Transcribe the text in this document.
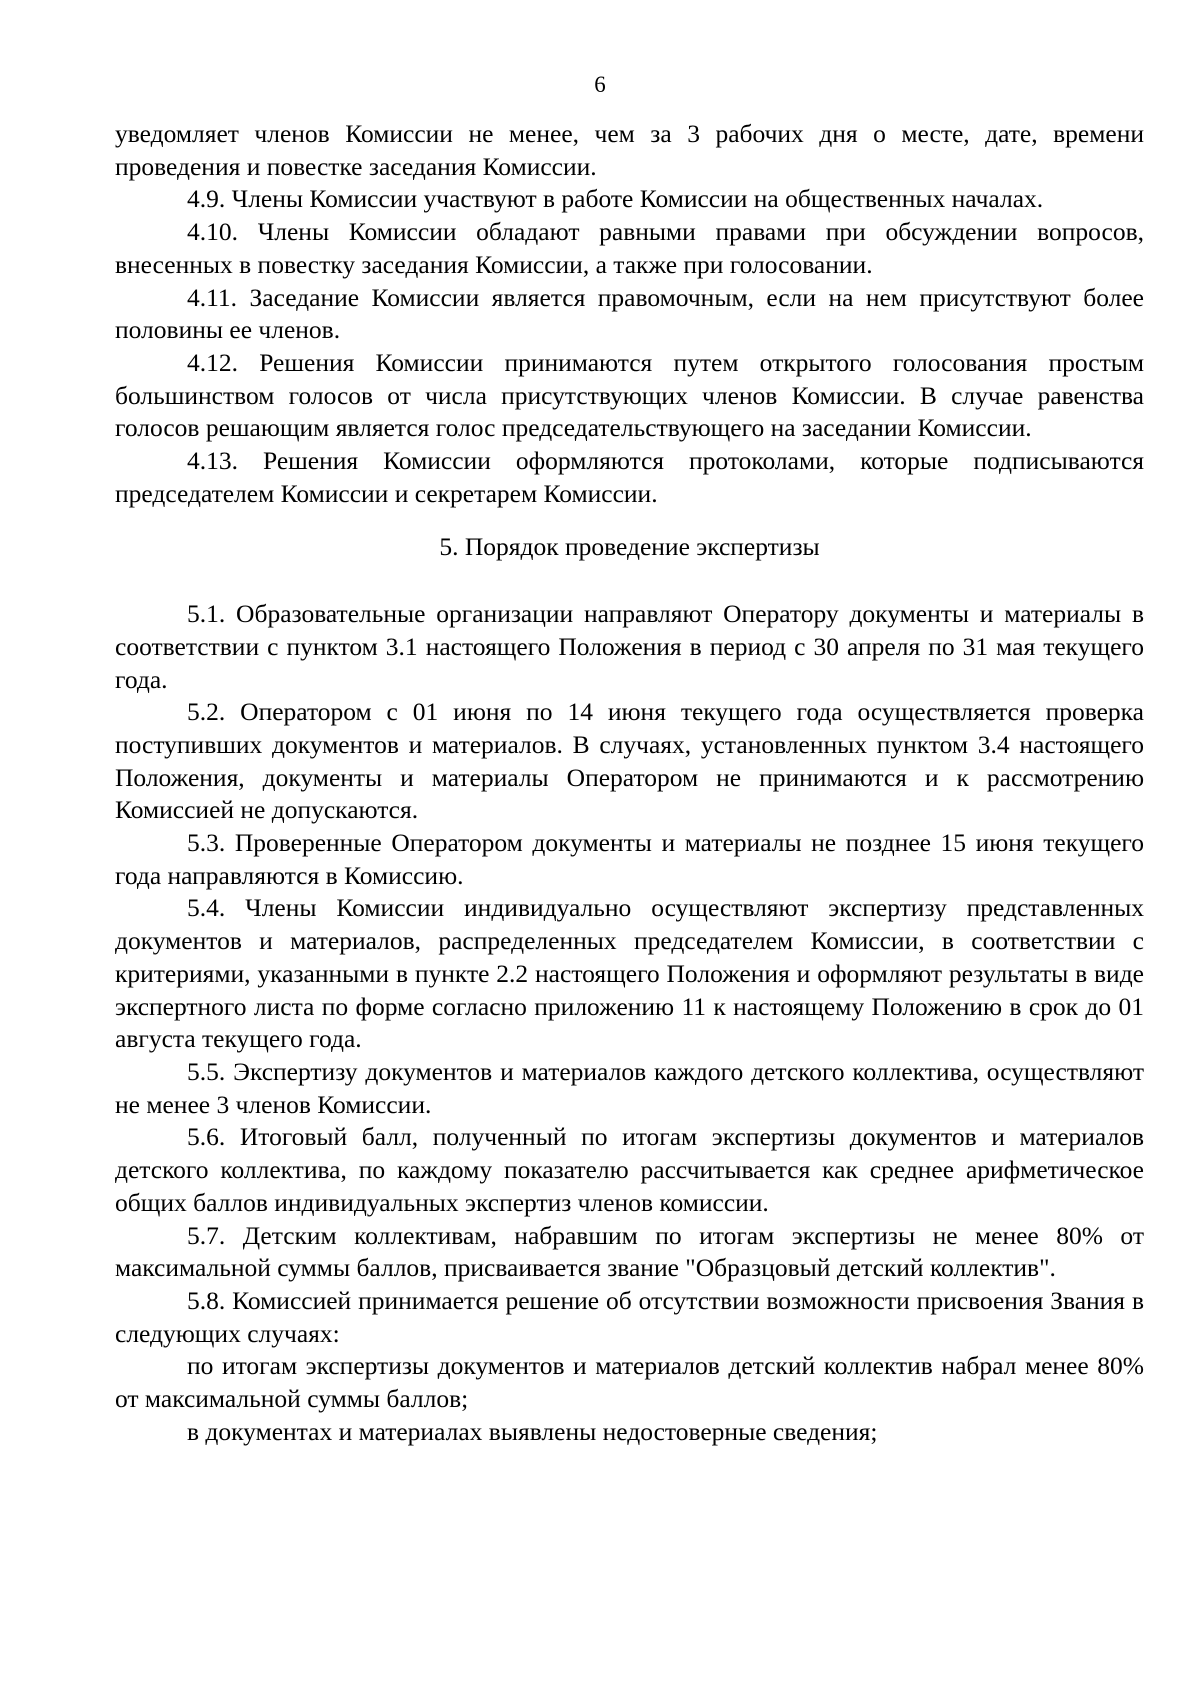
6

уведомляет членов Комиссии не менее, чем за 3 рабочих дня о месте, дате, времени проведения и повестке заседания Комиссии.

4.9. Члены Комиссии участвуют в работе Комиссии на общественных началах.

4.10. Члены Комиссии обладают равными правами при обсуждении вопросов, внесенных в повестку заседания Комиссии, а также при голосовании.

4.11. Заседание Комиссии является правомочным, если на нем присутствуют более половины ее членов.

4.12. Решения Комиссии принимаются путем открытого голосования простым большинством голосов от числа присутствующих членов Комиссии. В случае равенства голосов решающим является голос председательствующего на заседании Комиссии.

4.13. Решения Комиссии оформляются протоколами, которые подписываются председателем Комиссии и секретарем Комиссии.

5. Порядок проведение экспертизы

5.1. Образовательные организации направляют Оператору документы и материалы в соответствии с пунктом 3.1 настоящего Положения в период с 30 апреля по 31 мая текущего года.

5.2. Оператором с 01 июня по 14 июня текущего года осуществляется проверка поступивших документов и материалов. В случаях, установленных пунктом 3.4 настоящего Положения, документы и материалы Оператором не принимаются и к рассмотрению Комиссией не допускаются.

5.3. Проверенные Оператором документы и материалы не позднее 15 июня текущего года направляются в Комиссию.

5.4. Члены Комиссии индивидуально осуществляют экспертизу представленных документов и материалов, распределенных председателем Комиссии, в соответствии с критериями, указанными в пункте 2.2 настоящего Положения и оформляют результаты в виде экспертного листа по форме согласно приложению 11 к настоящему Положению в срок до 01 августа текущего года.

5.5. Экспертизу документов и материалов каждого детского коллектива, осуществляют не менее 3 членов Комиссии.

5.6. Итоговый балл, полученный по итогам экспертизы документов и материалов детского коллектива, по каждому показателю рассчитывается как среднее арифметическое общих баллов индивидуальных экспертиз членов комиссии.

5.7. Детским коллективам, набравшим по итогам экспертизы не менее 80% от максимальной суммы баллов, присваивается звание "Образцовый детский коллектив".

5.8. Комиссией принимается решение об отсутствии возможности присвоения Звания в следующих случаях:

по итогам экспертизы документов и материалов детский коллектив набрал менее 80% от максимальной суммы баллов;

в документах и материалах выявлены недостоверные сведения;
